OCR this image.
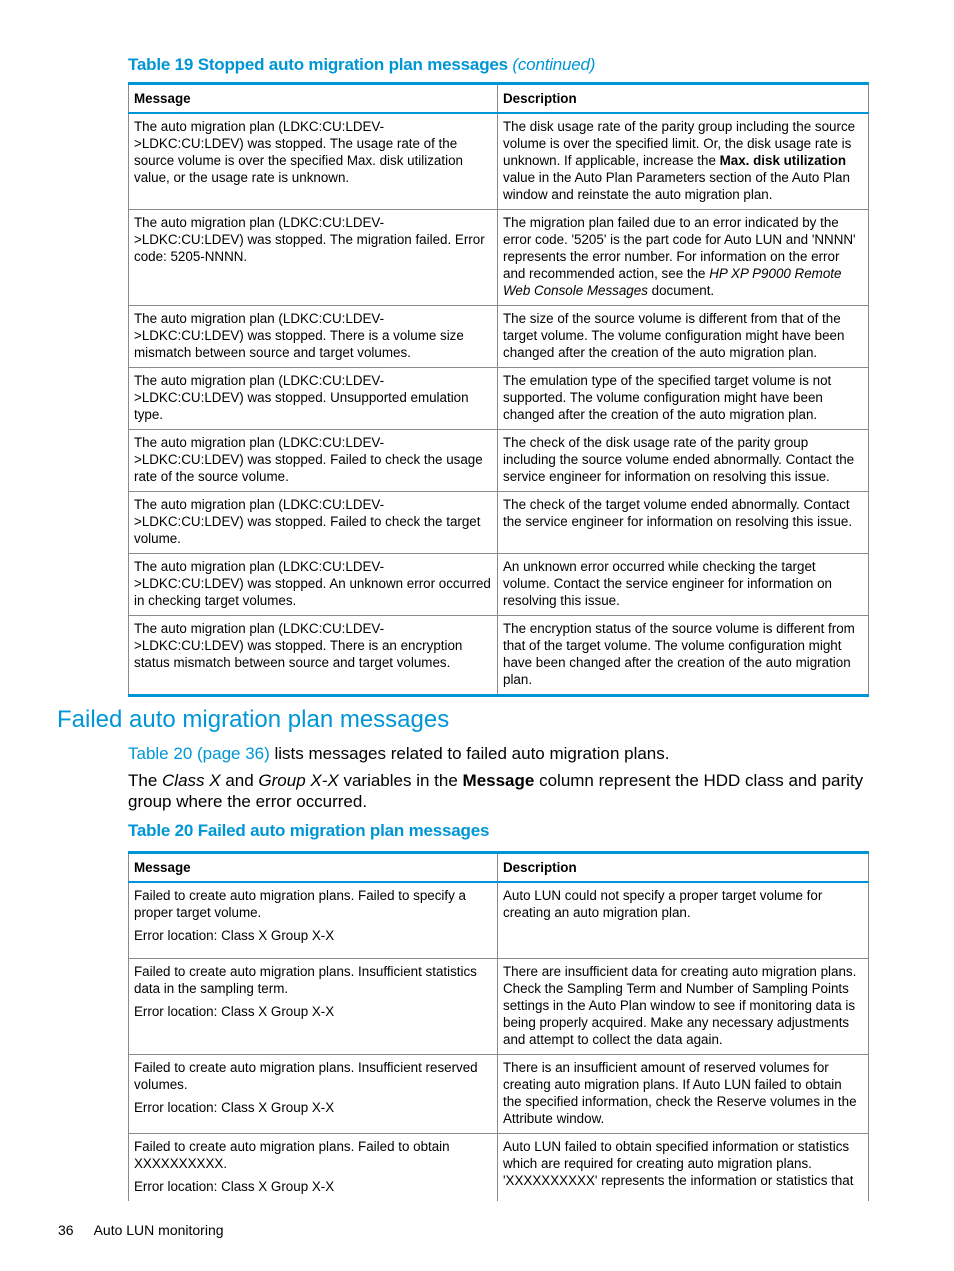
Table 19 Stopped auto migration plan messages (continued)
Message	Description
The auto migration plan (LDKC:CU:LDEV->LDKC:CU:LDEV) was stopped. The usage rate of the source volume is over the specified Max. disk utilization value, or the usage rate is unknown.	The disk usage rate of the parity group including the source volume is over the specified limit. Or, the disk usage rate is unknown. If applicable, increase the Max. disk utilization value in the Auto Plan Parameters section of the Auto Plan window and reinstate the auto migration plan.
The auto migration plan (LDKC:CU:LDEV->LDKC:CU:LDEV) was stopped. The migration failed. Error code: 5205-NNNN.	The migration plan failed due to an error indicated by the error code. '5205' is the part code for Auto LUN and 'NNNN' represents the error number. For information on the error and recommended action, see the HP XP P9000 Remote Web Console Messages document.
The auto migration plan (LDKC:CU:LDEV->LDKC:CU:LDEV) was stopped. There is a volume size mismatch between source and target volumes.	The size of the source volume is different from that of the target volume. The volume configuration might have been changed after the creation of the auto migration plan.
The auto migration plan (LDKC:CU:LDEV->LDKC:CU:LDEV) was stopped. Unsupported emulation type.	The emulation type of the specified target volume is not supported. The volume configuration might have been changed after the creation of the auto migration plan.
The auto migration plan (LDKC:CU:LDEV->LDKC:CU:LDEV) was stopped. Failed to check the usage rate of the source volume.	The check of the disk usage rate of the parity group including the source volume ended abnormally. Contact the service engineer for information on resolving this issue.
The auto migration plan (LDKC:CU:LDEV->LDKC:CU:LDEV) was stopped. Failed to check the target volume.	The check of the target volume ended abnormally. Contact the service engineer for information on resolving this issue.
The auto migration plan (LDKC:CU:LDEV->LDKC:CU:LDEV) was stopped. An unknown error occurred in checking target volumes.	An unknown error occurred while checking the target volume. Contact the service engineer for information on resolving this issue.
The auto migration plan (LDKC:CU:LDEV->LDKC:CU:LDEV) was stopped. There is an encryption status mismatch between source and target volumes.	The encryption status of the source volume is different from that of the target volume. The volume configuration might have been changed after the creation of the auto migration plan.
Failed auto migration plan messages
Table 20 (page 36) lists messages related to failed auto migration plans.
The Class X and Group X-X variables in the Message column represent the HDD class and parity group where the error occurred.
Table 20 Failed auto migration plan messages
Message	Description

Failed to create auto migration plans. Failed to specify a proper target volume.

Error location: Class X Group X-X	Auto LUN could not specify a proper target volume for creating an auto migration plan.

Failed to create auto migration plans. Insufficient statistics data in the sampling term.

Error location: Class X Group X-X	There are insufficient data for creating auto migration plans. Check the Sampling Term and Number of Sampling Points settings in the Auto Plan window to see if monitoring data is being properly acquired. Make any necessary adjustments and attempt to collect the data again.

Failed to create auto migration plans. Insufficient reserved volumes.

Error location: Class X Group X-X	There is an insufficient amount of reserved volumes for creating auto migration plans. If Auto LUN failed to obtain the specified information, check the Reserve volumes in the Attribute window.

Failed to create auto migration plans. Failed to obtain XXXXXXXXXX.

Error location: Class X Group X-X	Auto LUN failed to obtain specified information or statistics which are required for creating auto migration plans. 'XXXXXXXXXX' represents the information or statistics that
36 Auto LUN monitoring
